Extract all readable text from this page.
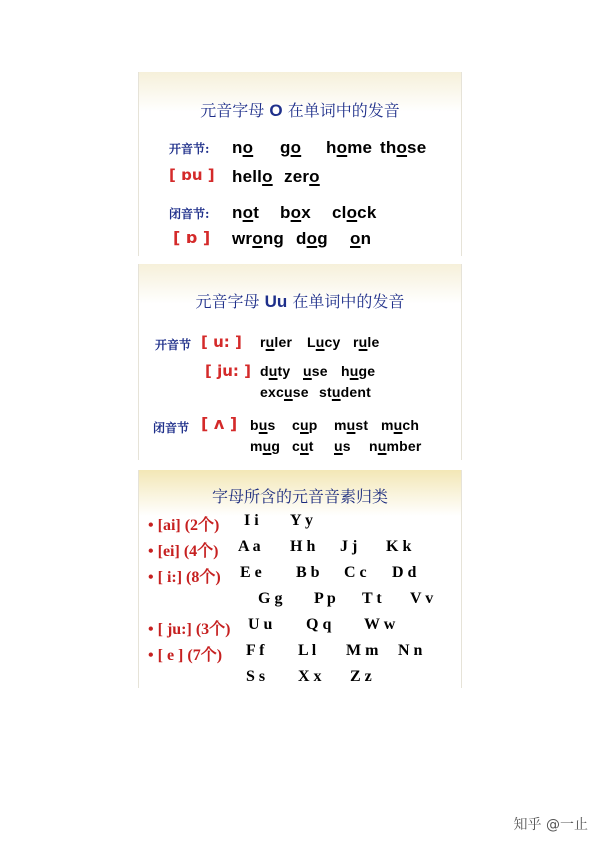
元音字母 O 在单词中的发音
开音节: no go home those
[ ɒu ] hello zero
闭音节: not box clock
[ ɒ ] wrong dog on
元音字母 Uu 在单词中的发音
开音节 [ u: ] ruler Lucy rule
[ ju: ] duty use huge
excuse student
闭音节 [ ʌ ] bus cup must much
mug cut us number
字母所含的元音音素归类
• [ai] (2个) I i Y y
• [ei] (4个) A a H h J j K k
• [ i:] (8个) E e B b C c D d
G g P p T t V v
• [ ju:] (3个) U u Q q W w
• [ e ] (7个) F f L l M m N n
S s X x Z z
知乎 @一止
